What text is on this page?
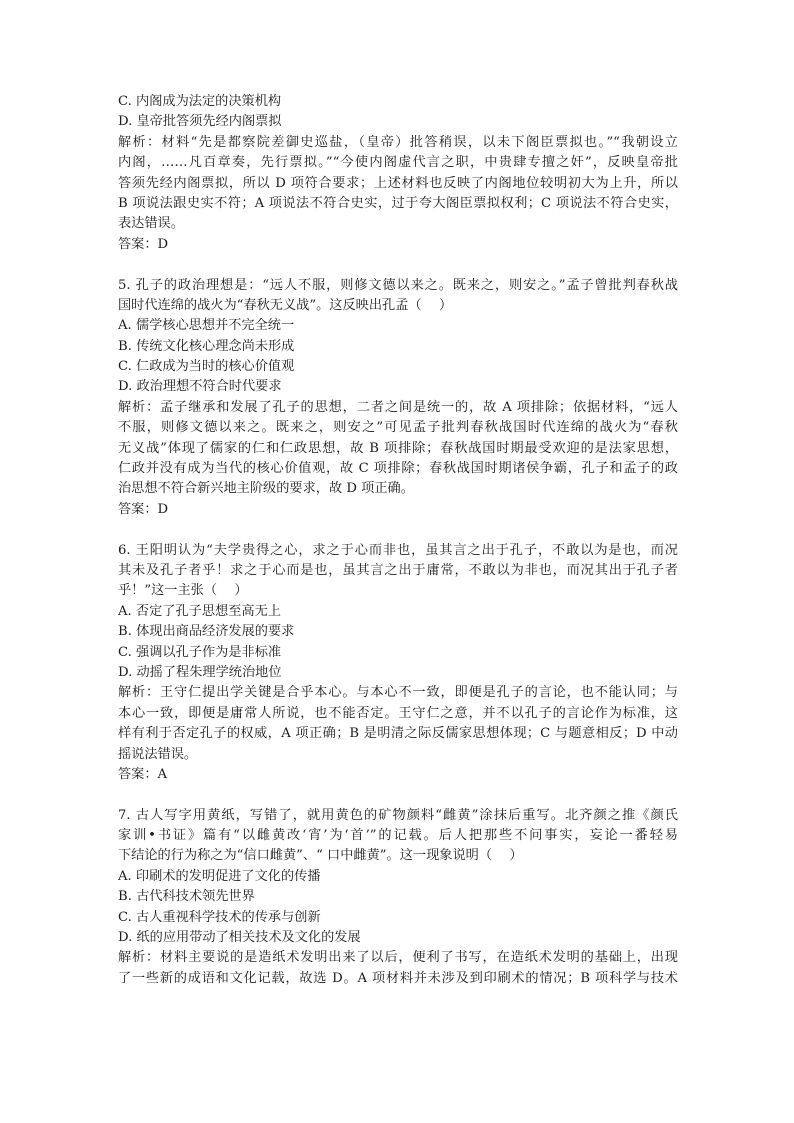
C. 内阁成为法定的决策机构
D. 皇帝批答须先经内阁票拟
解析：材料“先是都察院差御史巡盐，（皇帝）批答稍误，以未下阁臣票拟也。”“我朝设立
内阁，……凡百章奏，先行票拟。”“今使内阁虚代言之职，中贵肆专擅之奸”，反映皇帝批
答须先经内阁票拟，所以 D 项符合要求；上述材料也反映了内阁地位较明初大为上升，所以
B 项说法跟史实不符；A 项说法不符合史实，过于夸大阁臣票拟权利；C 项说法不符合史实，
表达错误。
答案：D
5. 孔子的政治理想是：“远人不服，则修文德以来之。既来之，则安之。”孟子曾批判春秋战
国时代连绵的战火为“春秋无义战”。这反映出孔孟（　 ）
A. 儒学核心思想并不完全统一
B. 传统文化核心理念尚未形成
C. 仁政成为当时的核心价值观
D. 政治理想不符合时代要求
解析：孟子继承和发展了孔子的思想，二者之间是统一的，故 A 项排除；依据材料，“远人
不服，则修文德以来之。既来之，则安之”可见孟子批判春秋战国时代连绵的战火为“春秋
无义战”体现了儒家的仁和仁政思想，故 B 项排除；春秋战国时期最受欢迎的是法家思想，
仁政并没有成为当代的核心价值观，故 C 项排除；春秋战国时期诸侯争霸，孔子和孟子的政
治思想不符合新兴地主阶级的要求，故 D 项正确。
答案：D
6. 王阳明认为“夫学贵得之心，求之于心而非也，虽其言之出于孔子，不敢以为是也，而况
其未及孔子者乎！求之于心而是也，虽其言之出于庸常，不敢以为非也，而况其出于孔子者
乎！”这一主张（　 ）
A. 否定了孔子思想至高无上
B. 体现出商品经济发展的要求
C. 强调以孔子作为是非标准
D. 动摇了程朱理学统治地位
解析：王守仁提出学关键是合乎本心。与本心不一致，即便是孔子的言论，也不能认同；与
本心一致，即便是庸常人所说，也不能否定。王守仁之意，并不以孔子的言论作为标准，这
样有利于否定孔子的权威，A 项正确；B 是明清之际反儒家思想体现；C 与题意相反；D 中动
摇说法错误。
答案：A
7. 古人写字用黄纸，写错了，就用黄色的矿物颜料“雌黄”涂抹后重写。北齐颜之推《颜氏
家训•书证》篇有“以雌黄改‘宵’为‘首’”的记载。后人把那些不问事实，妄论一番轻易
下结论的行为称之为“信口雌黄”、“ 口中雌黄”。这一现象说明（　 ）
A. 印刷术的发明促进了文化的传播
B. 古代科技术领先世界
C. 古人重视科学技术的传承与创新
D. 纸的应用带动了相关技术及文化的发展
解析：材料主要说的是造纸术发明出来了以后，便利了书写，在造纸术发明的基础上，出现
了一些新的成语和文化记载，故选 D。A 项材料并未涉及到印刷术的情况；B 项科学与技术
